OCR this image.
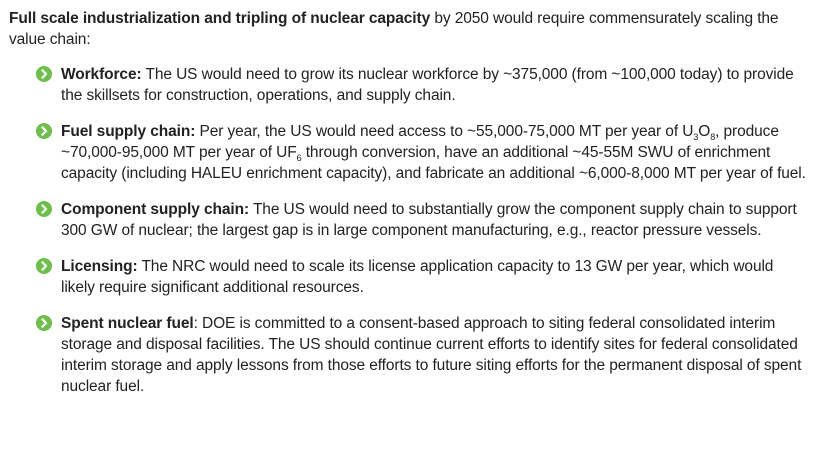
Full scale industrialization and tripling of nuclear capacity by 2050 would require commensurately scaling the value chain:

Workforce: The US would need to grow its nuclear workforce by ~375,000 (from ~100,000 today) to provide the skillsets for construction, operations, and supply chain.
Fuel supply chain: Per year, the US would need access to ~55,000-75,000 MT per year of $U_3O_8$, produce ~70,000-95,000 MT per year of $UF_6$ through conversion, have an additional ~45-55M SWU of enrichment capacity (including HALEU enrichment capacity), and fabricate an additional ~6,000-8,000 MT per year of fuel.
Component supply chain: The US would need to substantially grow the component supply chain to support 300 GW of nuclear; the largest gap is in large component manufacturing, e.g., reactor pressure vessels.
Licensing: The NRC would need to scale its license application capacity to 13 GW per year, which would likely require significant additional resources.
Spent nuclear fuel: DOE is committed to a consent-based approach to siting federal consolidated interim storage and disposal facilities. The US should continue current efforts to identify sites for federal consolidated interim storage and apply lessons from those efforts to future siting efforts for the permanent disposal of spent nuclear fuel.
